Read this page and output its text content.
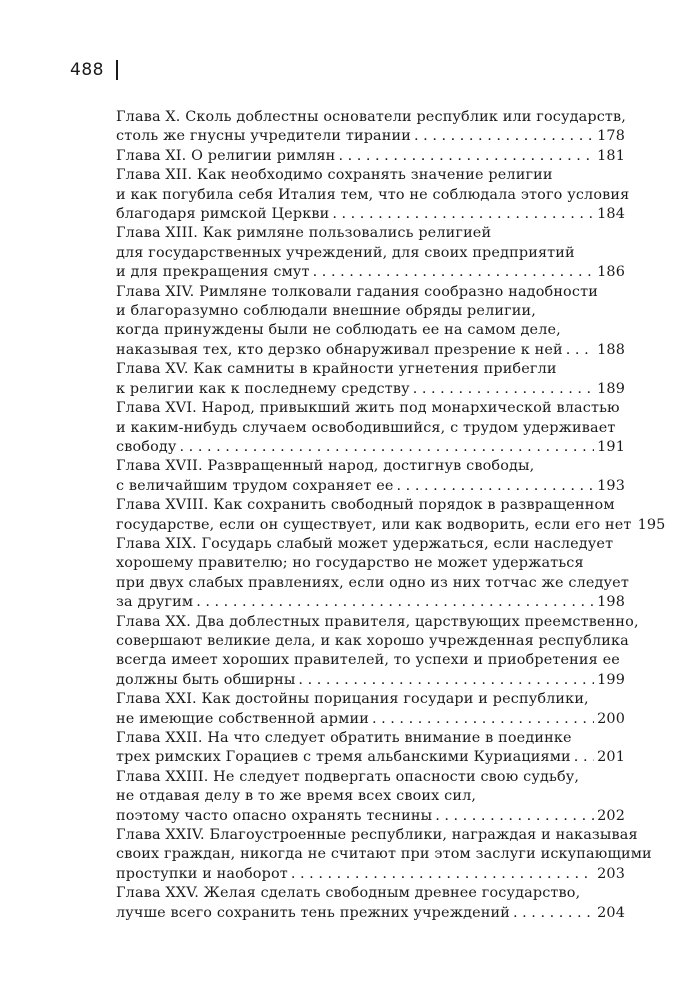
488
Глава X. Сколь доблестны основатели республик или государств,
столь же гнусны учредители тирании . . .	178
Глава XI. О религии римлян . . .	181
Глава XII. Как необходимо сохранять значение религии
и как погубила себя Италия тем, что не соблюдала этого условия
благодаря римской Церкви . . .	184
Глава XIII. Как римляне пользовались религией
для государственных учреждений, для своих предприятий
и для прекращения смут . . .	186
Глава XIV. Римляне толковали гадания сообразно надобности
и благоразумно соблюдали внешние обряды религии,
когда принуждены были не соблюдать ее на самом деле,
наказывая тех, кто дерзко обнаруживал презрение к ней . . . 188
Глава XV. Как самниты в крайности угнетения прибегли
к религии как к последнему средству . . .	189
Глава XVI. Народ, привыкший жить под монархической властью
и каким-нибудь случаем освободившийся, с трудом удерживает
свободу . . .	191
Глава XVII. Развращенный народ, достигнув свободы,
с величайшим трудом сохраняет ее . . .	193
Глава XVIII. Как сохранить свободный порядок в развращенном
государстве, если он существует, или как водворить, если его нет 195
Глава XIX. Государь слабый может удержаться, если наследует
хорошему правителю; но государство не может удержаться
при двух слабых правлениях, если одно из них тотчас же следует
за другим . . .	198
Глава XX. Два доблестных правителя, царствующих преемственно,
совершают великие дела, и как хорошо учрежденная республика
всегда имеет хороших правителей, то успехи и приобретения ее
должны быть обширны . . .	199
Глава XXI. Как достойны порицания государи и республики,
не имеющие собственной армии . . .	200
Глава XXII. На что следует обратить внимание в поединке
трех римских Горациев с тремя альбанскими Куриациями . . . 201
Глава XXIII. Не следует подвергать опасности свою судьбу,
не отдавая делу в то же время всех своих сил,
поэтому часто опасно охранять теснины . . .	202
Глава XXIV. Благоустроенные республики, награждая и наказывая
своих граждан, никогда не считают при этом заслуги искупающими
проступки и наоборот . . .	203
Глава XXV. Желая сделать свободным древнее государство,
лучше всего сохранить тень прежних учреждений . . .	204
